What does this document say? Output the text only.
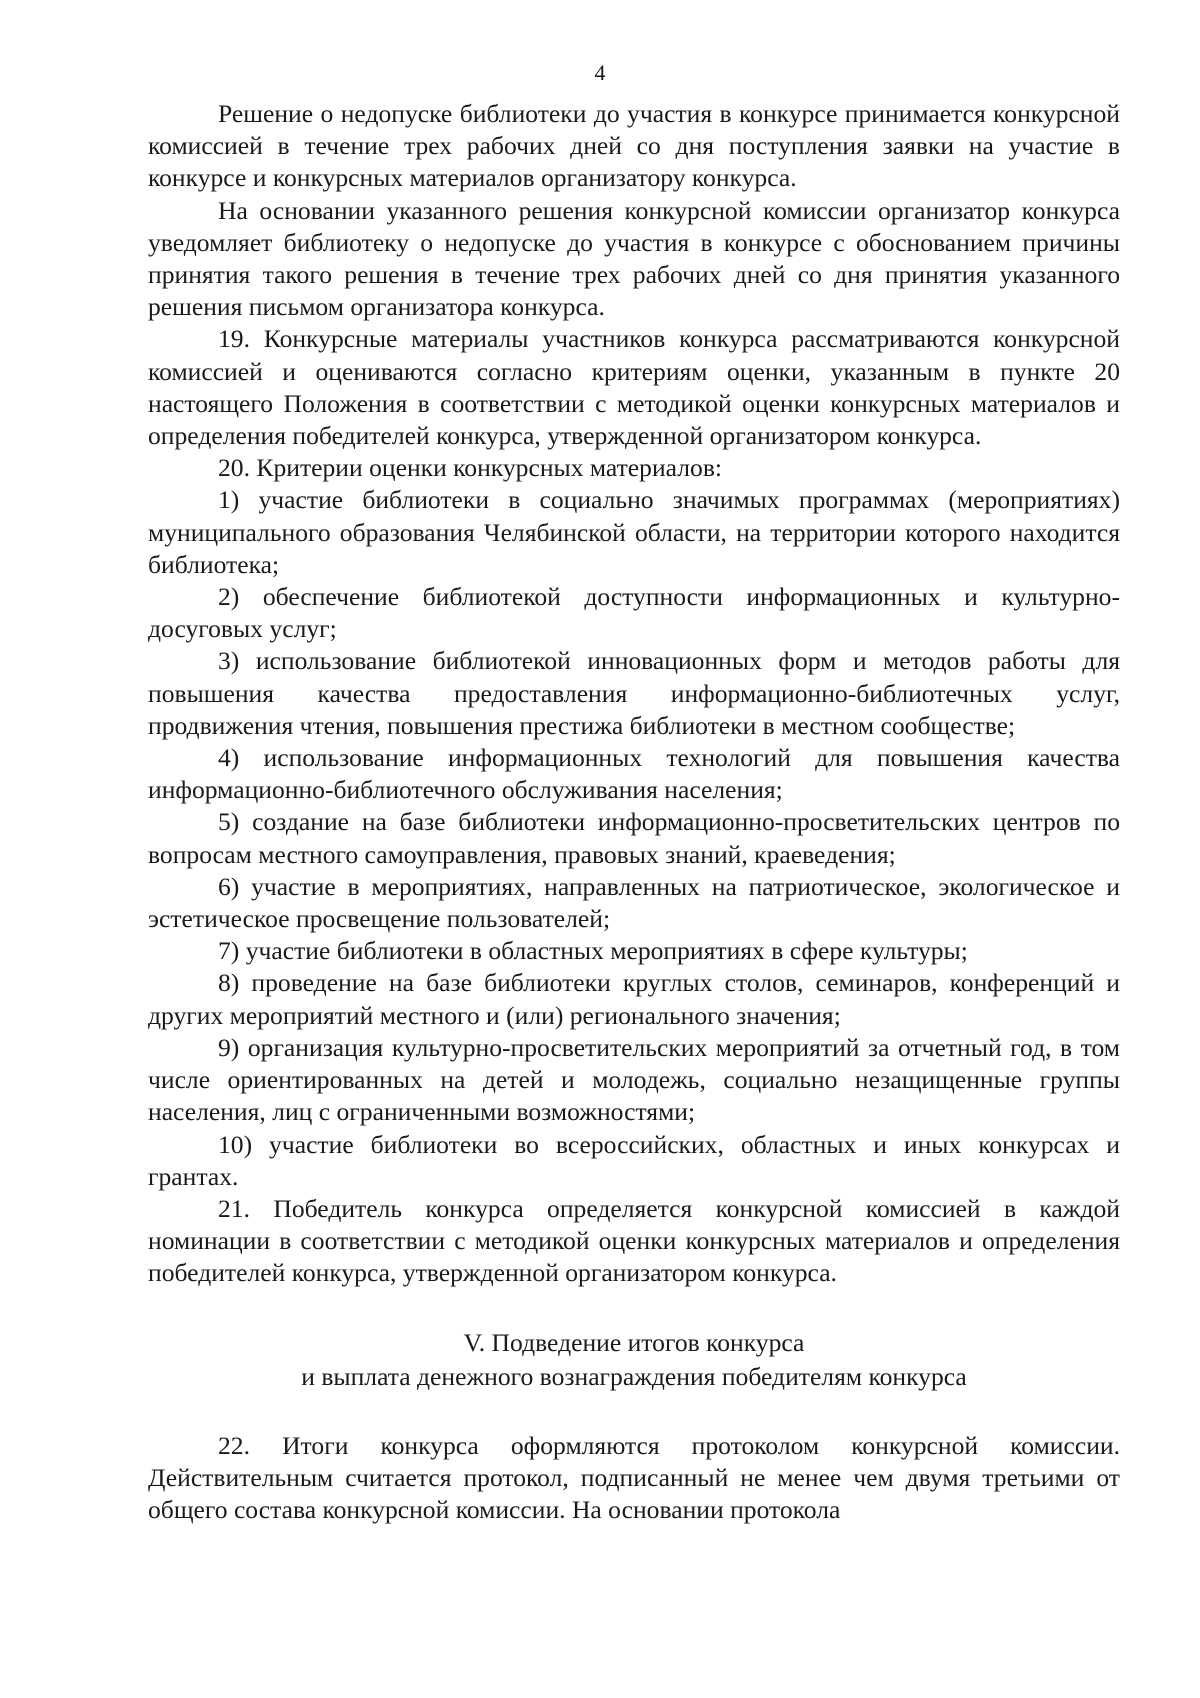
4

Решение о недопуске библиотеки до участия в конкурсе принимается конкурсной комиссией в течение трех рабочих дней со дня поступления заявки на участие в конкурсе и конкурсных материалов организатору конкурса.

На основании указанного решения конкурсной комиссии организатор конкурса уведомляет библиотеку о недопуске до участия в конкурсе с обоснованием причины принятия такого решения в течение трех рабочих дней со дня принятия указанного решения письмом организатора конкурса.

19. Конкурсные материалы участников конкурса рассматриваются конкурсной комиссией и оцениваются согласно критериям оценки, указанным в пункте 20 настоящего Положения в соответствии с методикой оценки конкурсных материалов и определения победителей конкурса, утвержденной организатором конкурса.

20. Критерии оценки конкурсных материалов:

1) участие библиотеки в социально значимых программах (мероприятиях) муниципального образования Челябинской области, на территории которого находится библиотека;

2) обеспечение библиотекой доступности информационных и культурно-досуговых услуг;

3) использование библиотекой инновационных форм и методов работы для повышения качества предоставления информационно-библиотечных услуг, продвижения чтения, повышения престижа библиотеки в местном сообществе;

4) использование информационных технологий для повышения качества информационно-библиотечного обслуживания населения;

5) создание на базе библиотеки информационно-просветительских центров по вопросам местного самоуправления, правовых знаний, краеведения;

6) участие в мероприятиях, направленных на патриотическое, экологическое и эстетическое просвещение пользователей;

7) участие библиотеки в областных мероприятиях в сфере культуры;

8) проведение на базе библиотеки круглых столов, семинаров, конференций и других мероприятий местного и (или) регионального значения;

9) организация культурно-просветительских мероприятий за отчетный год, в том числе ориентированных на детей и молодежь, социально незащищенные группы населения, лиц с ограниченными возможностями;

10) участие библиотеки во всероссийских, областных и иных конкурсах и грантах.

21. Победитель конкурса определяется конкурсной комиссией в каждой номинации в соответствии с методикой оценки конкурсных материалов и определения победителей конкурса, утвержденной организатором конкурса.

V. Подведение итогов конкурса
и выплата денежного вознаграждения победителям конкурса

22. Итоги конкурса оформляются протоколом конкурсной комиссии. Действительным считается протокол, подписанный не менее чем двумя третьими от общего состава конкурсной комиссии. На основании протокола
